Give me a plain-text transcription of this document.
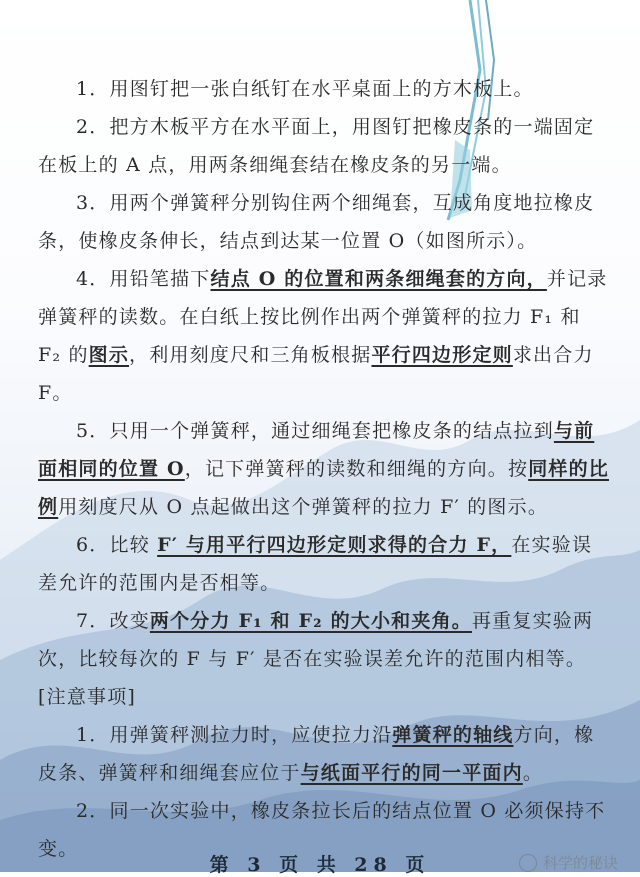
1．用图钉把一张白纸钉在水平桌面上的方木板上。

2．把方木板平方在水平面上，用图钉把橡皮条的一端固定在板上的 A 点，用两条细绳套结在橡皮条的另一端。

3．用两个弹簧秤分别钩住两个细绳套，互成角度地拉橡皮条，使橡皮条伸长，结点到达某一位置 O（如图所示）。

4．用铅笔描下结点 O 的位置和两条细绳套的方向，并记录弹簧秤的读数。在白纸上按比例作出两个弹簧秤的拉力 F₁ 和 F₂ 的图示，利用刻度尺和三角板根据平行四边形定则求出合力 F。

5．只用一个弹簧秤，通过细绳套把橡皮条的结点拉到与前面相同的位置 O，记下弹簧秤的读数和细绳的方向。按同样的比例用刻度尺从 O 点起做出这个弹簧秤的拉力 F′ 的图示。

6．比较 F′ 与用平行四边形定则求得的合力 F，在实验误差允许的范围内是否相等。

7．改变两个分力 F₁ 和 F₂ 的大小和夹角。再重复实验两次，比较每次的 F 与 F′ 是否在实验误差允许的范围内相等。

[注意事项]

1．用弹簧秤测拉力时，应使拉力沿弹簧秤的轴线方向，橡皮条、弹簧秤和细绳套应位于与纸面平行的同一平面内。

2．同一次实验中，橡皮条拉长后的结点位置 O 必须保持不变。

第 3 页 共 28 页	科学的秘诀
